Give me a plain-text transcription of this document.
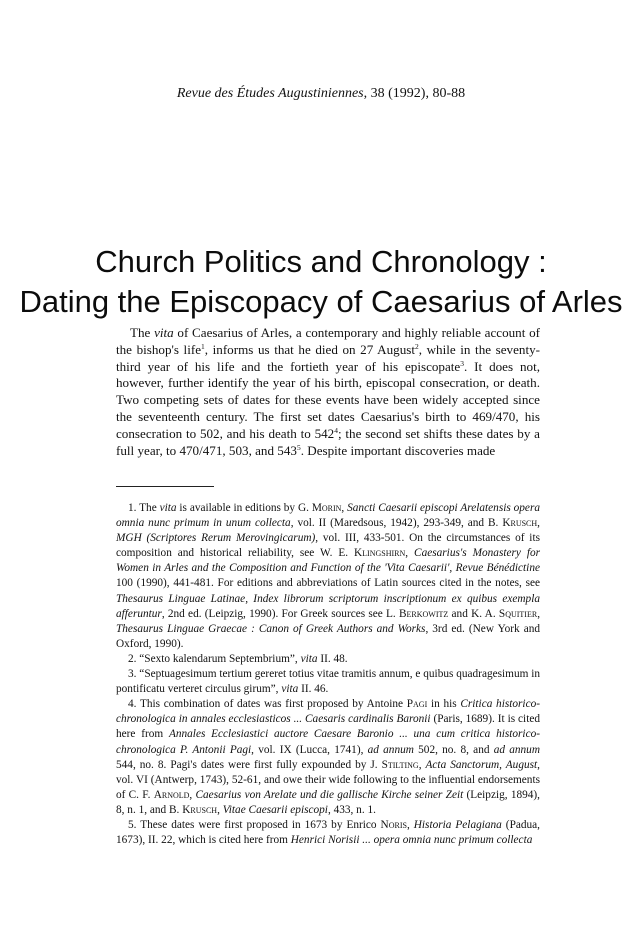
Revue des Études Augustiniennes, 38 (1992), 80-88
Church Politics and Chronology :
Dating the Episcopacy of Caesarius of Arles

The vita of Caesarius of Arles, a contemporary and highly reliable account of the bishop's life$^1$, informs us that he died on 27 August$^2$, while in the seventy-third year of his life and the fortieth year of his episcopate$^3$. It does not, however, further identify the year of his birth, episcopal consecration, or death. Two competing sets of dates for these events have been widely accepted since the seventeenth century. The first set dates Caesarius's birth to 469/470, his consecration to 502, and his death to $542^4$; the second set shifts these dates by a full year, to 470/471, 503, and $543^5$. Despite important discoveries made

1. The vita is available in editions by G. Morin, Sancti Caesarii episcopi Arelatensis opera omnia nunc primum in unum collecta, vol. II (Maredsous, 1942), 293-349, and B. Krusch, MGH (Scriptores Rerum Merovingicarum), vol. III, 433-501. On the circumstances of its composition and historical reliability, see W. E. Klingshirn, Caesarius's Monastery for Women in Arles and the Composition and Function of the 'Vita Caesarii', Revue Bénédictine 100 (1990), 441-481. For editions and abbreviations of Latin sources cited in the notes, see Thesaurus Linguae Latinae, Index librorum scriptorum inscriptionum ex quibus exempla afferuntur, 2nd ed. (Leipzig, 1990). For Greek sources see L. Berkowitz and K. A. Squitier, Thesaurus Linguae Graecae : Canon of Greek Authors and Works, 3rd ed. (New York and Oxford, 1990).

2. “Sexto kalendarum Septembrium”, vita II. 48.

3. “Septuagesimum tertium gereret totius vitae tramitis annum, e quibus quadragesimum in pontificatu verteret circulus girum”, vita II. 46.

4. This combination of dates was first proposed by Antoine Pagi in his Critica historico-chronologica in annales ecclesiasticos ... Caesaris cardinalis Baronii (Paris, 1689). It is cited here from Annales Ecclesiastici auctore Caesare Baronio ... una cum critica historico-chronologica P. Antonii Pagi, vol. IX (Lucca, 1741), ad annum 502, no. 8, and ad annum 544, no. 8. Pagi's dates were first fully expounded by J. Stilting, Acta Sanctorum, August, vol. VI (Antwerp, 1743), 52-61, and owe their wide following to the influential endorsements of C. F. Arnold, Caesarius von Arelate und die gallische Kirche seiner Zeit (Leipzig, 1894), 8, n. 1, and B. Krusch, Vitae Caesarii episcopi, 433, n. 1.

5. These dates were first proposed in 1673 by Enrico Noris, Historia Pelagiana (Padua, 1673), II. 22, which is cited here from Henrici Norisii ... opera omnia nunc primum collecta
